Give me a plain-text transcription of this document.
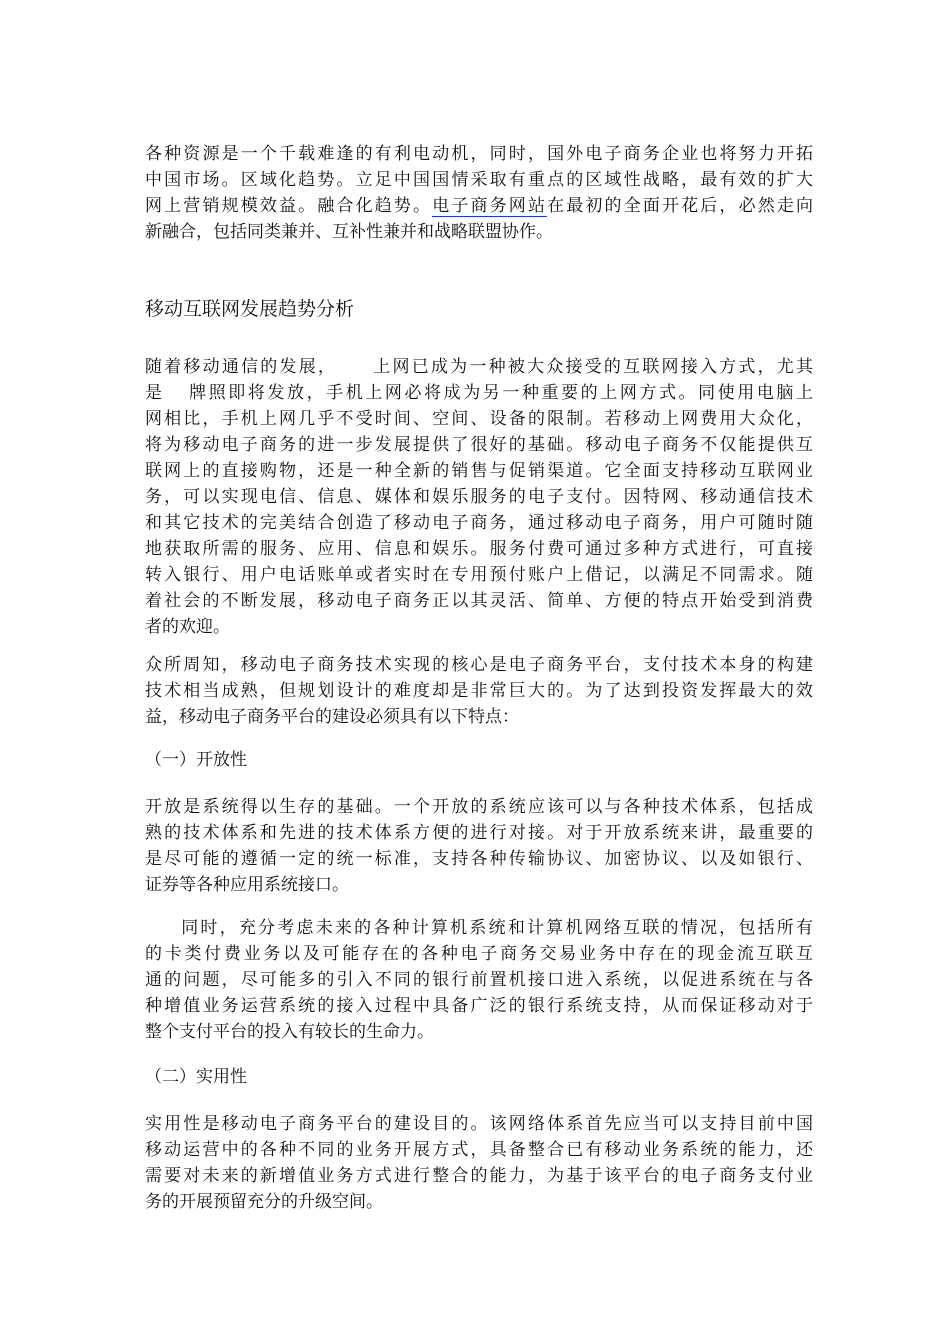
各种资源是一个千载难逢的有利电动机，同时，国外电子商务企业也将努力开拓
中国市场。区域化趋势。立足中国国情采取有重点的区域性战略，最有效的扩大
网上营销规模效益。融合化趋势。电子商务网站在最初的全面开花后，必然走向
新融合，包括同类兼并、互补性兼并和战略联盟协作。

移动互联网发展趋势分析

随着移动通信的发展， 上网已成为一种被大众接受的互联网接入方式，尤其
是 牌照即将发放，手机上网必将成为另一种重要的上网方式。同使用电脑上
网相比，手机上网几乎不受时间、空间、设备的限制。若移动上网费用大众化，
将为移动电子商务的进一步发展提供了很好的基础。移动电子商务不仅能提供互
联网上的直接购物，还是一种全新的销售与促销渠道。它全面支持移动互联网业
务，可以实现电信、信息、媒体和娱乐服务的电子支付。因特网、移动通信技术
和其它技术的完美结合创造了移动电子商务，通过移动电子商务，用户可随时随
地获取所需的服务、应用、信息和娱乐。服务付费可通过多种方式进行，可直接
转入银行、用户电话账单或者实时在专用预付账户上借记，以满足不同需求。随
着社会的不断发展，移动电子商务正以其灵活、简单、方便的特点开始受到消费
者的欢迎。

众所周知，移动电子商务技术实现的核心是电子商务平台，支付技术本身的构建
技术相当成熟，但规划设计的难度却是非常巨大的。为了达到投资发挥最大的效
益，移动电子商务平台的建设必须具有以下特点：

（一）开放性

开放是系统得以生存的基础。一个开放的系统应该可以与各种技术体系，包括成
熟的技术体系和先进的技术体系方便的进行对接。对于开放系统来讲，最重要的
是尽可能的遵循一定的统一标准，支持各种传输协议、加密协议、以及如银行、
证券等各种应用系统接口。

同时，充分考虑未来的各种计算机系统和计算机网络互联的情况，包括所有
的卡类付费业务以及可能存在的各种电子商务交易业务中存在的现金流互联互
通的问题，尽可能多的引入不同的银行前置机接口进入系统，以促进系统在与各
种增值业务运营系统的接入过程中具备广泛的银行系统支持，从而保证移动对于
整个支付平台的投入有较长的生命力。

（二）实用性

实用性是移动电子商务平台的建设目的。该网络体系首先应当可以支持目前中国
移动运营中的各种不同的业务开展方式，具备整合已有移动业务系统的能力，还
需要对未来的新增值业务方式进行整合的能力，为基于该平台的电子商务支付业
务的开展预留充分的升级空间。
